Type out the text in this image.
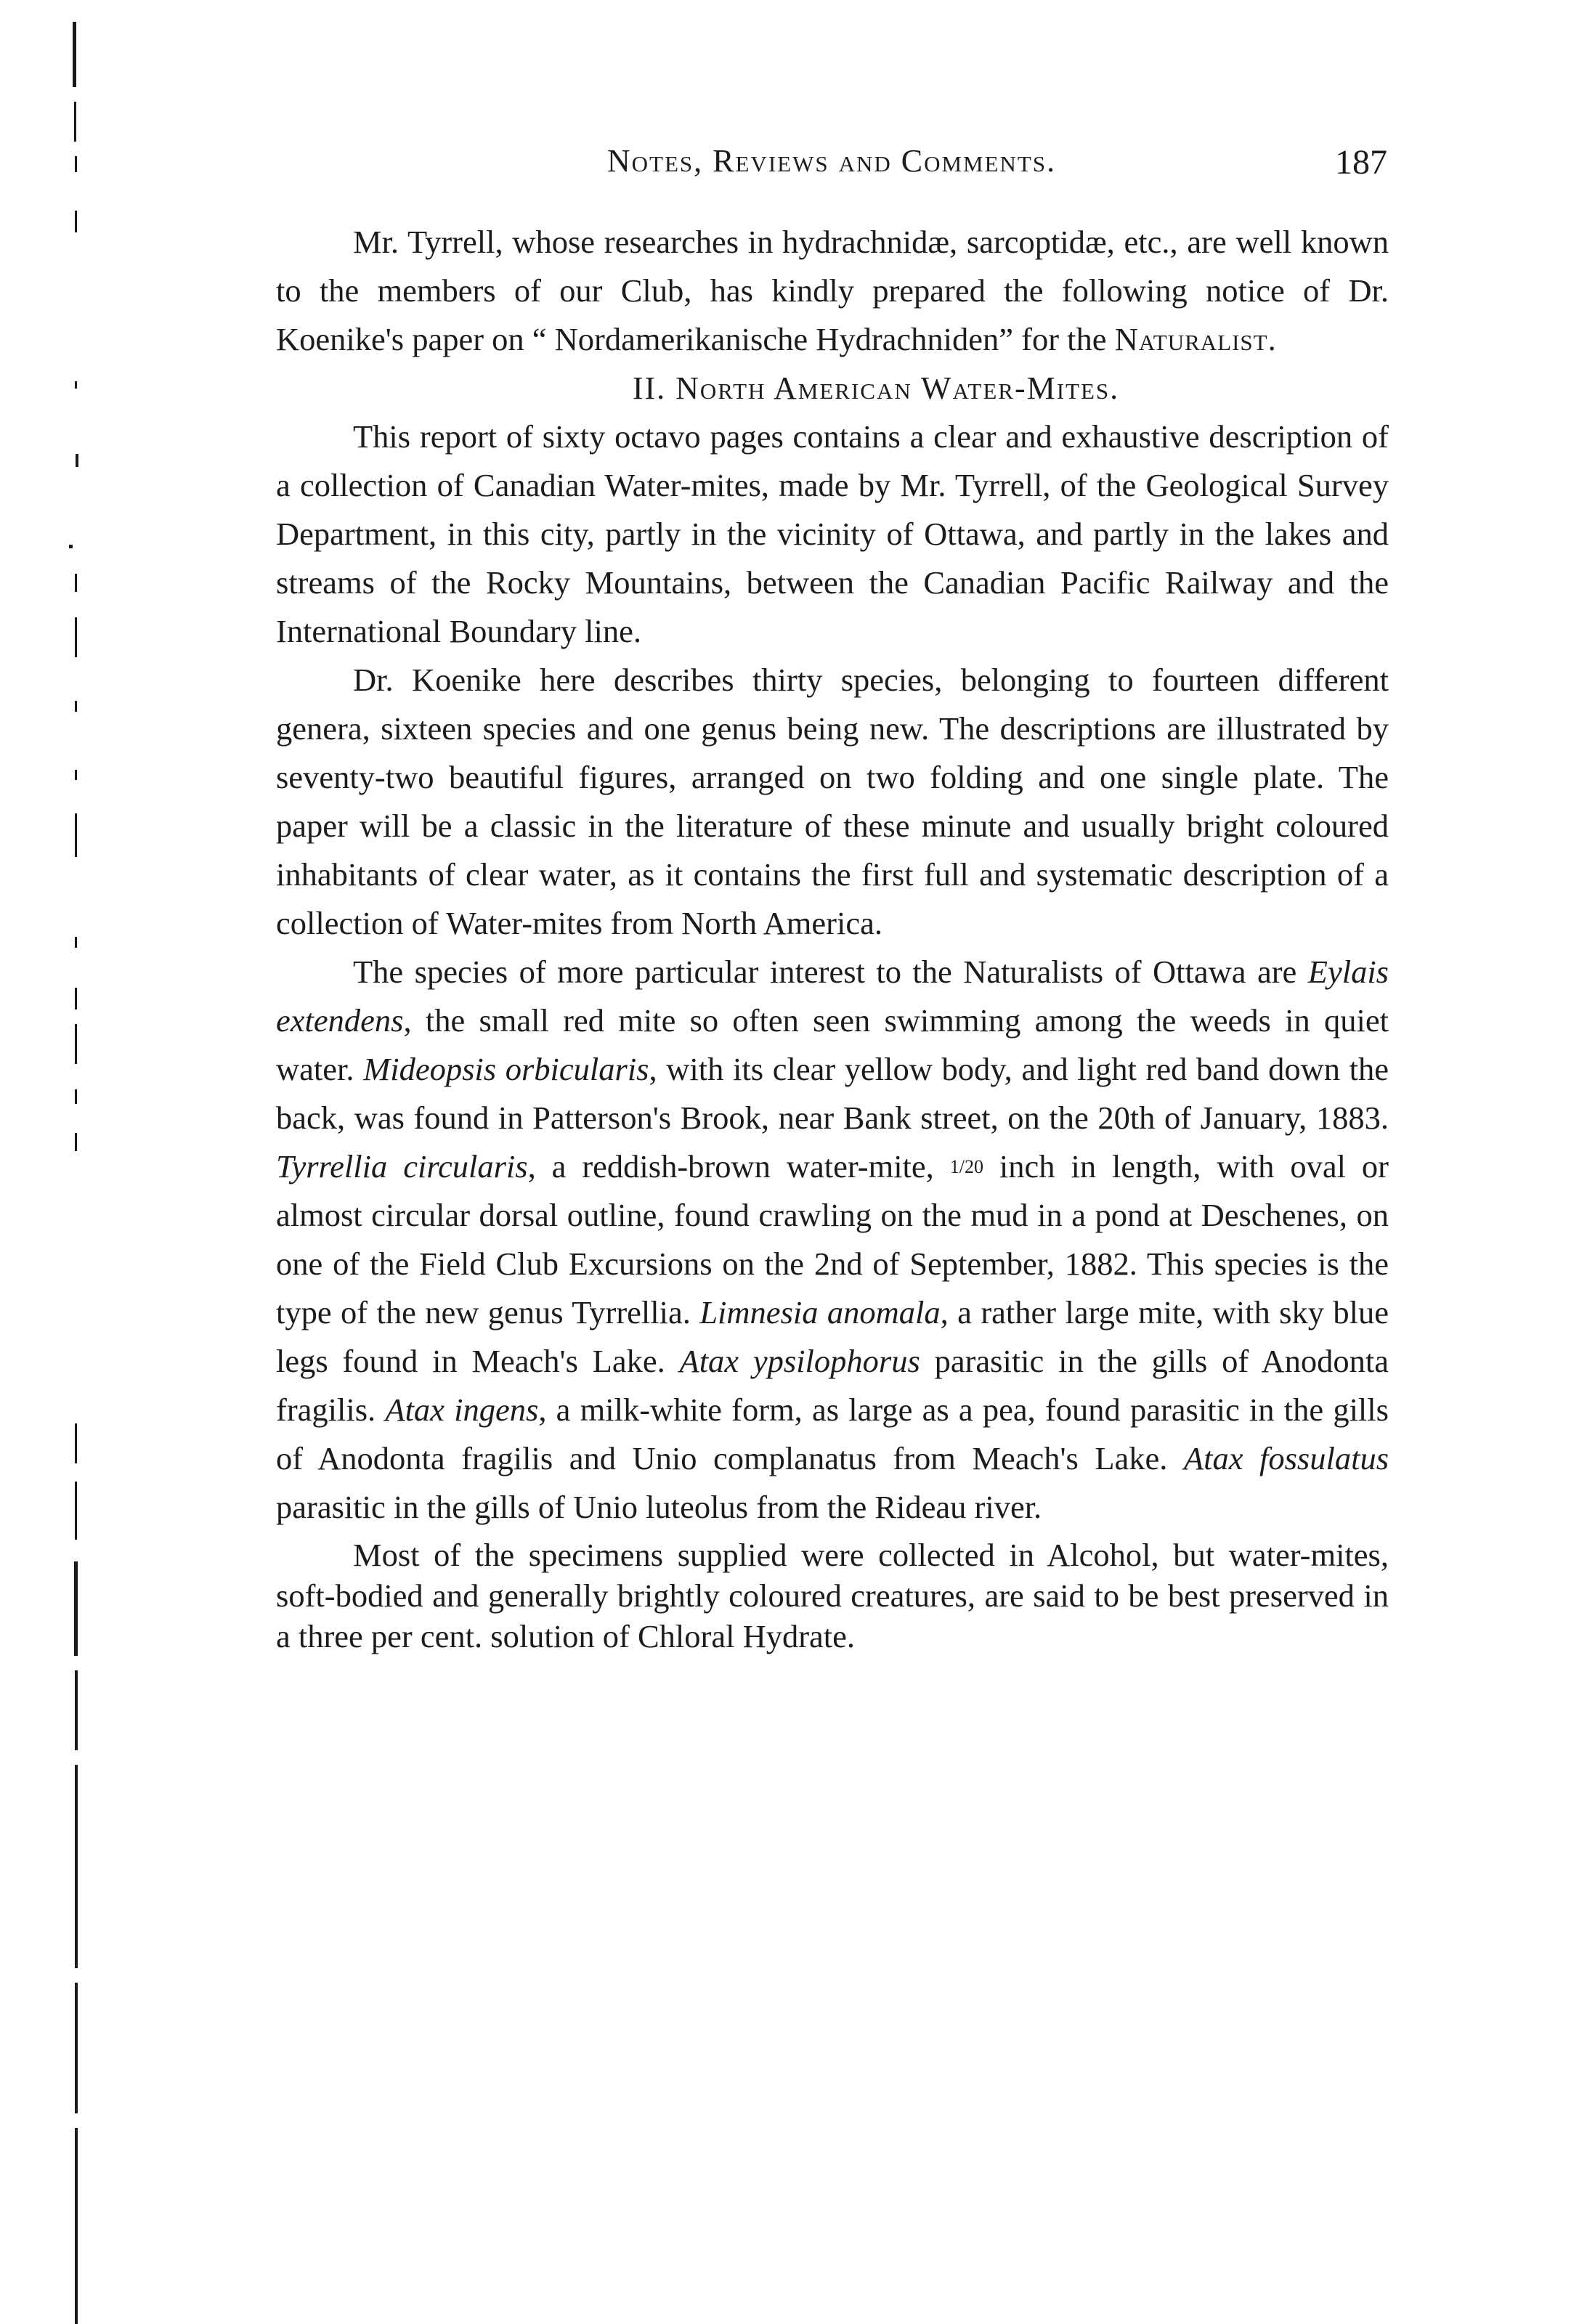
Notes, Reviews and Comments.	187

Mr. Tyrrell, whose researches in hydrachnidæ, sarcoptidæ, etc., are well known to the members of our Club, has kindly prepared the following notice of Dr. Koenike's paper on “ Nordamerikanische Hydrachniden” for the Naturalist.

II. North American Water-Mites.

This report of sixty octavo pages contains a clear and exhaustive description of a collection of Canadian Water-mites, made by Mr. Tyrrell, of the Geological Survey Department, in this city, partly in the vicinity of Ottawa, and partly in the lakes and streams of the Rocky Mountains, between the Canadian Pacific Railway and the International Boundary line.

Dr. Koenike here describes thirty species, belonging to fourteen different genera, sixteen species and one genus being new. The descriptions are illustrated by seventy-two beautiful figures, arranged on two folding and one single plate. The paper will be a classic in the literature of these minute and usually bright coloured inhabitants of clear water, as it contains the first full and systematic description of a collection of Water-mites from North America.

The species of more particular interest to the Naturalists of Ottawa are Eylais extendens, the small red mite so often seen swimming among the weeds in quiet water. Mideopsis orbicularis, with its clear yellow body, and light red band down the back, was found in Patterson's Brook, near Bank street, on the 20th of January, 1883. Tyrrellia circularis, a reddish-brown water-mite, 1/20 inch in length, with oval or almost circular dorsal outline, found crawling on the mud in a pond at Deschenes, on one of the Field Club Excursions on the 2nd of September, 1882. This species is the type of the new genus Tyrrellia. Limnesia anomala, a rather large mite, with sky blue legs found in Meach's Lake. Atax ypsilophorus parasitic in the gills of Anodonta fragilis. Atax ingens, a milk-white form, as large as a pea, found parasitic in the gills of Anodonta fragilis and Unio complanatus from Meach's Lake. Atax fossulatus parasitic in the gills of Unio luteolus from the Rideau river.

Most of the specimens supplied were collected in Alcohol, but water-mites, soft-bodied and generally brightly coloured creatures, are said to be best preserved in a three per cent. solution of Chloral Hydrate.
